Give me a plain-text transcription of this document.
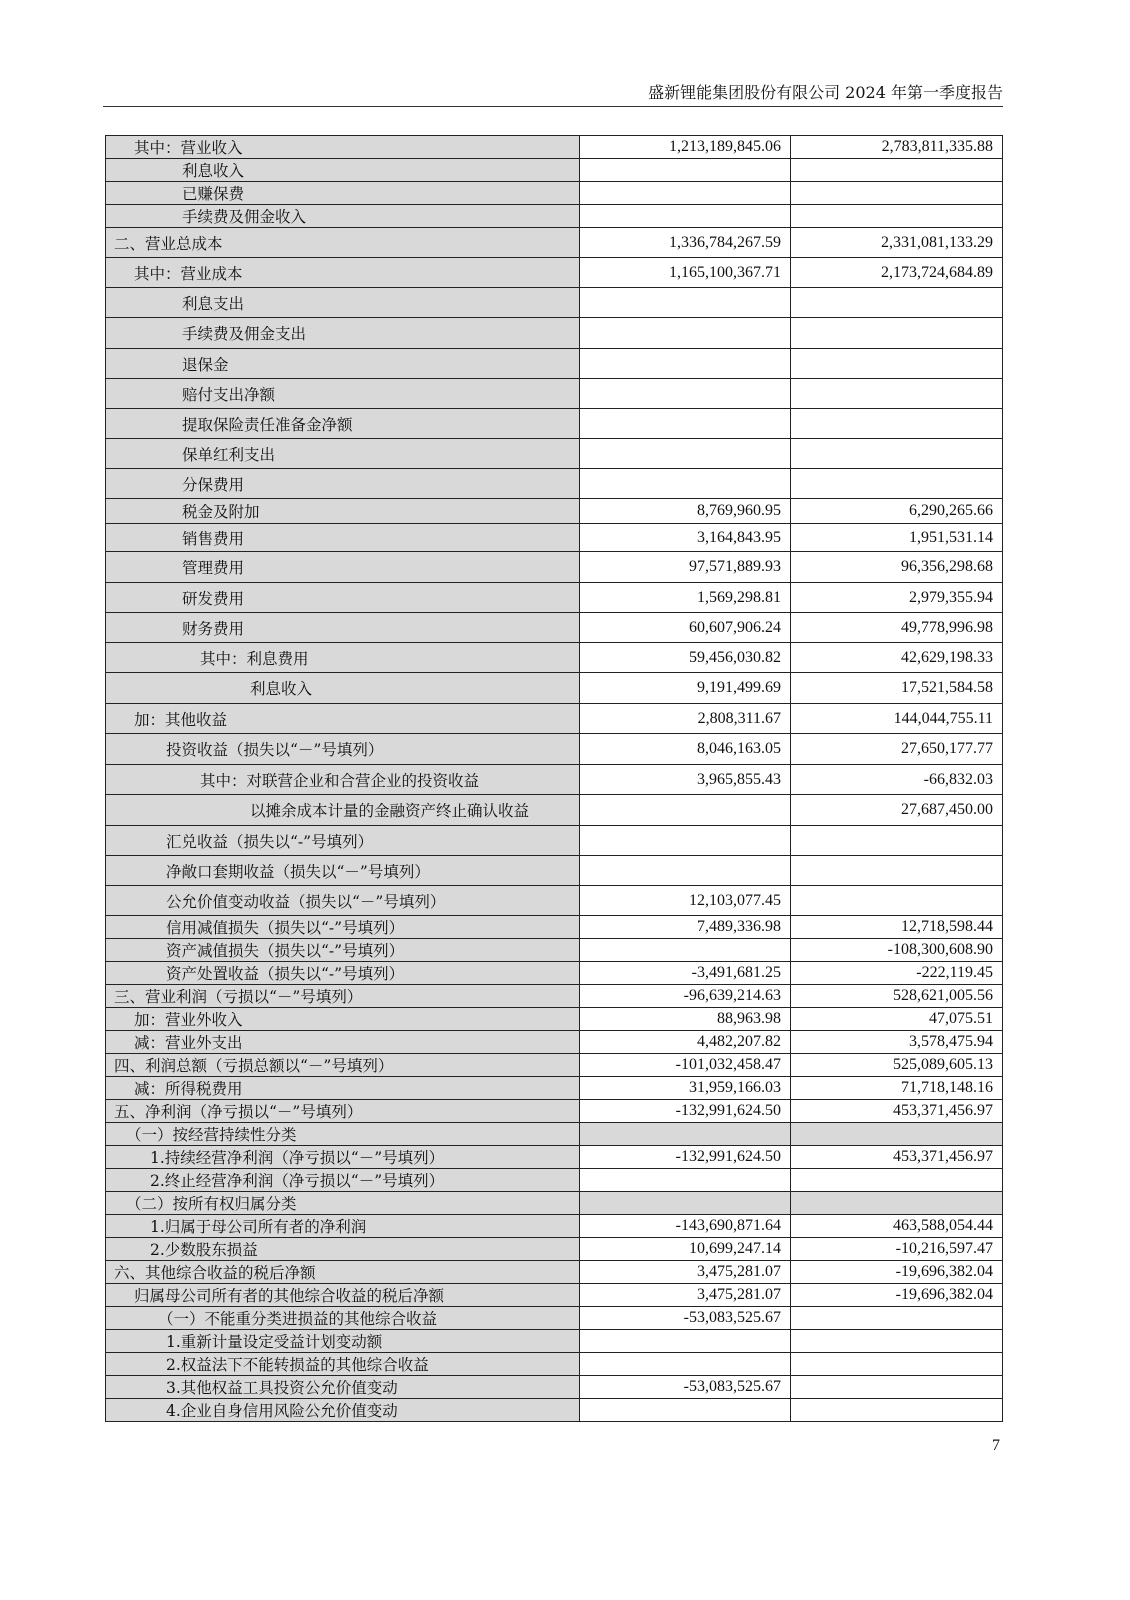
盛新锂能集团股份有限公司 2024 年第一季度报告
其中：营业收入	1,213,189,845.06	2,783,811,335.88
利息收入		
已赚保费		
手续费及佣金收入		
二、营业总成本	1,336,784,267.59	2,331,081,133.29
其中：营业成本	1,165,100,367.71	2,173,724,684.89
利息支出		
手续费及佣金支出		
退保金		
赔付支出净额		
提取保险责任准备金净额		
保单红利支出		
分保费用		
税金及附加	8,769,960.95	6,290,265.66
销售费用	3,164,843.95	1,951,531.14
管理费用	97,571,889.93	96,356,298.68
研发费用	1,569,298.81	2,979,355.94
财务费用	60,607,906.24	49,778,996.98
其中：利息费用	59,456,030.82	42,629,198.33
利息收入	9,191,499.69	17,521,584.58
加：其他收益	2,808,311.67	144,044,755.11
投资收益（损失以“－”号填列）	8,046,163.05	27,650,177.77
其中：对联营企业和合营企业的投资收益	3,965,855.43	-66,832.03
以摊余成本计量的金融资产终止确认收益		27,687,450.00
汇兑收益（损失以“-”号填列）		
净敞口套期收益（损失以“－”号填列）		
公允价值变动收益（损失以“－”号填列）	12,103,077.45	
信用减值损失（损失以“-”号填列）	7,489,336.98	12,718,598.44
资产减值损失（损失以“-”号填列）		-108,300,608.90
资产处置收益（损失以“-”号填列）	-3,491,681.25	-222,119.45
三、营业利润（亏损以“－”号填列）	-96,639,214.63	528,621,005.56
加：营业外收入	88,963.98	47,075.51
减：营业外支出	4,482,207.82	3,578,475.94
四、利润总额（亏损总额以“－”号填列）	-101,032,458.47	525,089,605.13
减：所得税费用	31,959,166.03	71,718,148.16
五、净利润（净亏损以“－”号填列）	-132,991,624.50	453,371,456.97
（一）按经营持续性分类		
1.持续经营净利润（净亏损以“－”号填列）	-132,991,624.50	453,371,456.97
2.终止经营净利润（净亏损以“－”号填列）		
（二）按所有权归属分类		
1.归属于母公司所有者的净利润	-143,690,871.64	463,588,054.44
2.少数股东损益	10,699,247.14	-10,216,597.47
六、其他综合收益的税后净额	3,475,281.07	-19,696,382.04
归属母公司所有者的其他综合收益的税后净额	3,475,281.07	-19,696,382.04
（一）不能重分类进损益的其他综合收益	-53,083,525.67	
1.重新计量设定受益计划变动额		
2.权益法下不能转损益的其他综合收益		
3.其他权益工具投资公允价值变动	-53,083,525.67	
4.企业自身信用风险公允价值变动		
7
